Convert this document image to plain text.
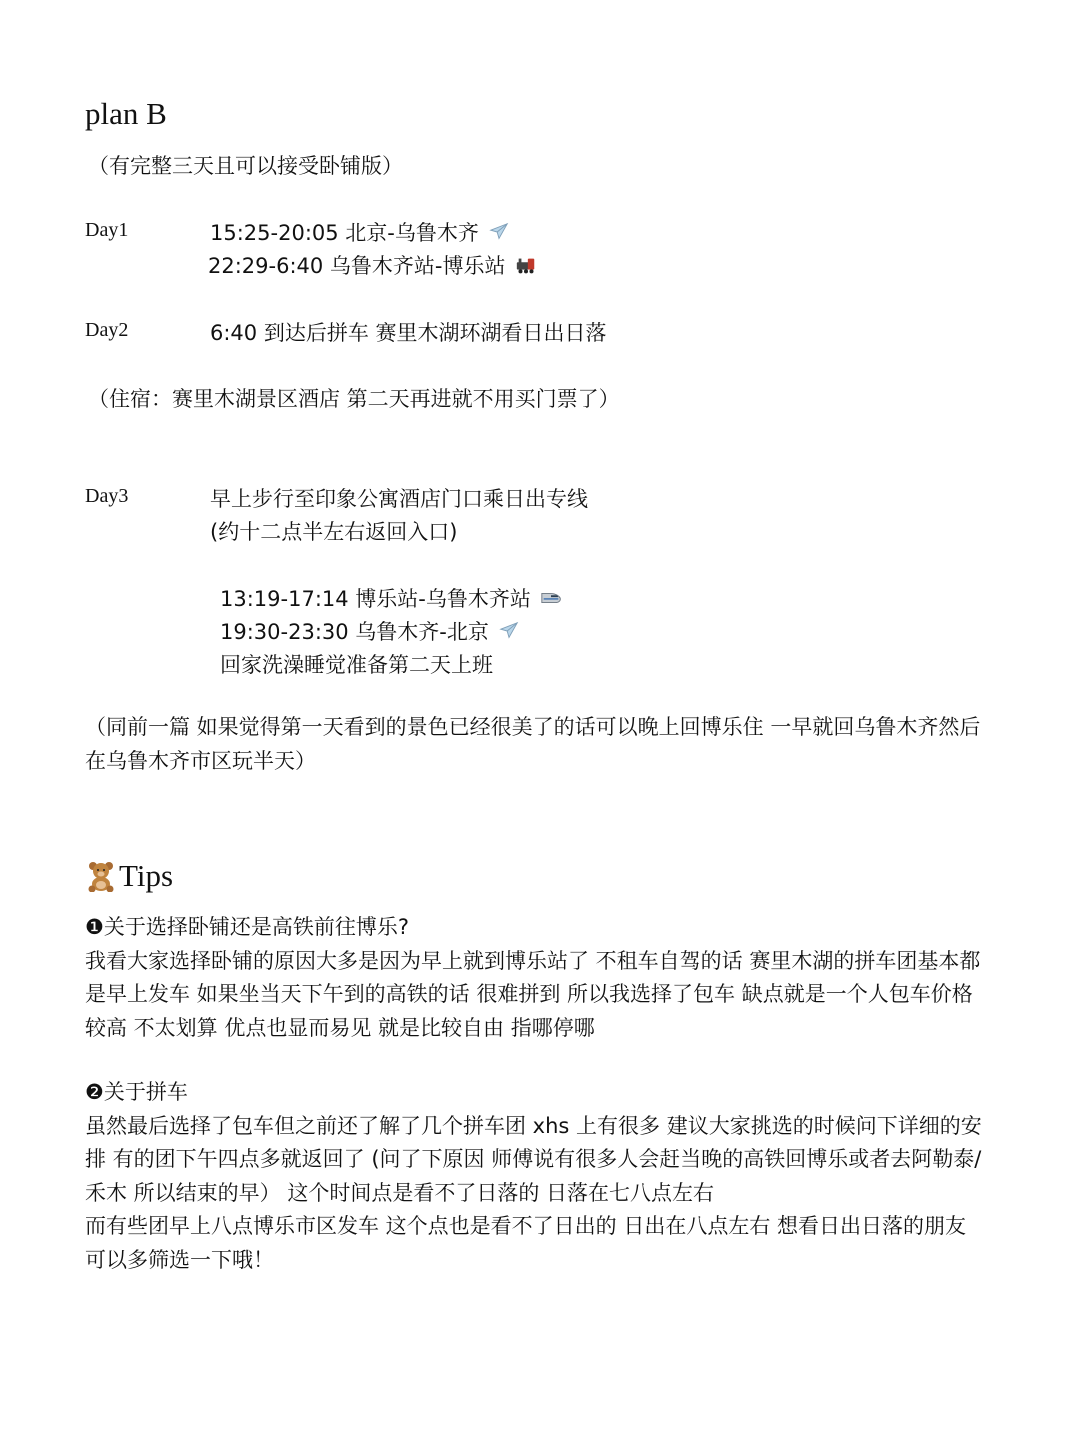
plan B
（有完整三天且可以接受卧铺版）
Day1	15:25-20:05 北京-乌鲁木齐
22:29-6:40 乌鲁木齐站-博乐站
Day2	6:40 到达后拼车 赛里木湖环湖看日出日落
（住宿：赛里木湖景区酒店 第二天再进就不用买门票了）
Day3	早上步行至印象公寓酒店门口乘日出专线
(约十二点半左右返回入口)
13:19-17:14 博乐站-乌鲁木齐站
19:30-23:30 乌鲁木齐-北京
回家洗澡睡觉准备第二天上班
（同前一篇 如果觉得第一天看到的景色已经很美了的话可以晚上回博乐住 一早就回乌鲁木齐然后在乌鲁木齐市区玩半天）
Tips
❶关于选择卧铺还是高铁前往博乐?
我看大家选择卧铺的原因大多是因为早上就到博乐站了 不租车自驾的话 赛里木湖的拼车团基本都是早上发车 如果坐当天下午到的高铁的话 很难拼到 所以我选择了包车 缺点就是一个人包车价格较高 不太划算 优点也显而易见 就是比较自由 指哪停哪
❷关于拼车
虽然最后选择了包车但之前还了解了几个拼车团 xhs 上有很多 建议大家挑选的时候问下详细的安排 有的团下午四点多就返回了 (问了下原因 师傅说有很多人会赶当晚的高铁回博乐或者去阿勒泰/禾木 所以结束的早） 这个时间点是看不了日落的 日落在七八点左右
而有些团早上八点博乐市区发车 这个点也是看不了日出的 日出在八点左右 想看日出日落的朋友可以多筛选一下哦！
